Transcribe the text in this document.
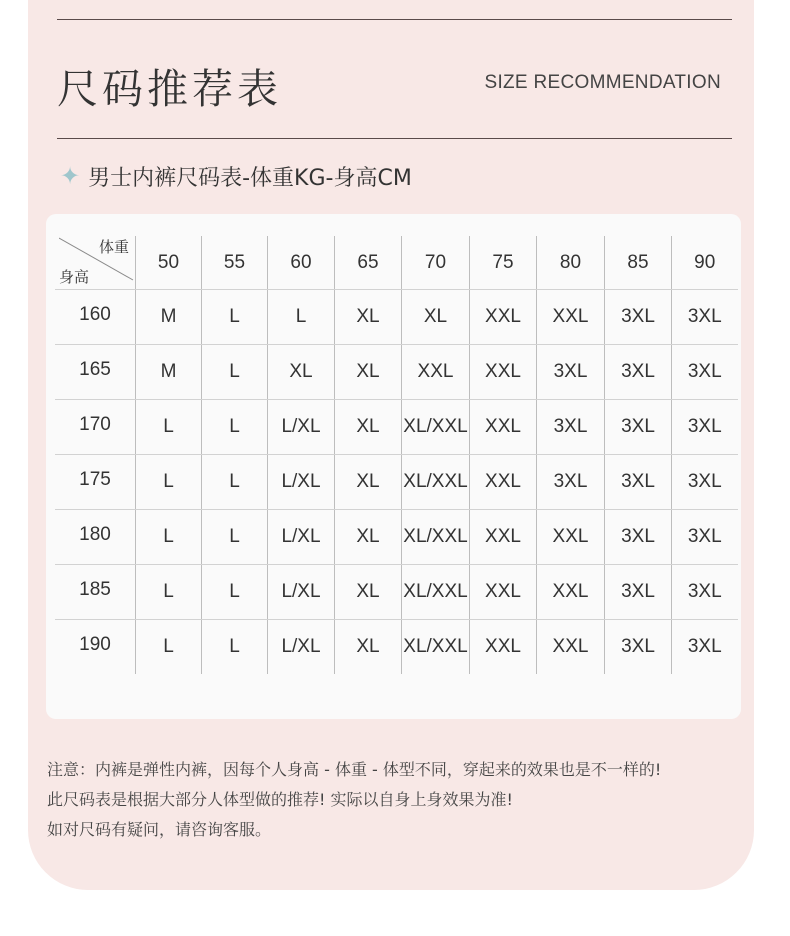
尺码推荐表	SIZE RECOMMENDATION
✦ 男士内裤尺码表-体重KG-身高CM
体重
身高	50	55	60	65	70	75	80	85	90
160	M	L	L	XL	XL	XXL	XXL	3XL	3XL
165	M	L	XL	XL	XXL	XXL	3XL	3XL	3XL
170	L	L	L/XL	XL	XL/XXL	XXL	3XL	3XL	3XL
175	L	L	L/XL	XL	XL/XXL	XXL	3XL	3XL	3XL
180	L	L	L/XL	XL	XL/XXL	XXL	XXL	3XL	3XL
185	L	L	L/XL	XL	XL/XXL	XXL	XXL	3XL	3XL
190	L	L	L/XL	XL	XL/XXL	XXL	XXL	3XL	3XL
注意：内裤是弹性内裤，因每个人身高 - 体重 - 体型不同，穿起来的效果也是不一样的!
此尺码表是根据大部分人体型做的推荐! 实际以自身上身效果为准!
如对尺码有疑问，请咨询客服。
